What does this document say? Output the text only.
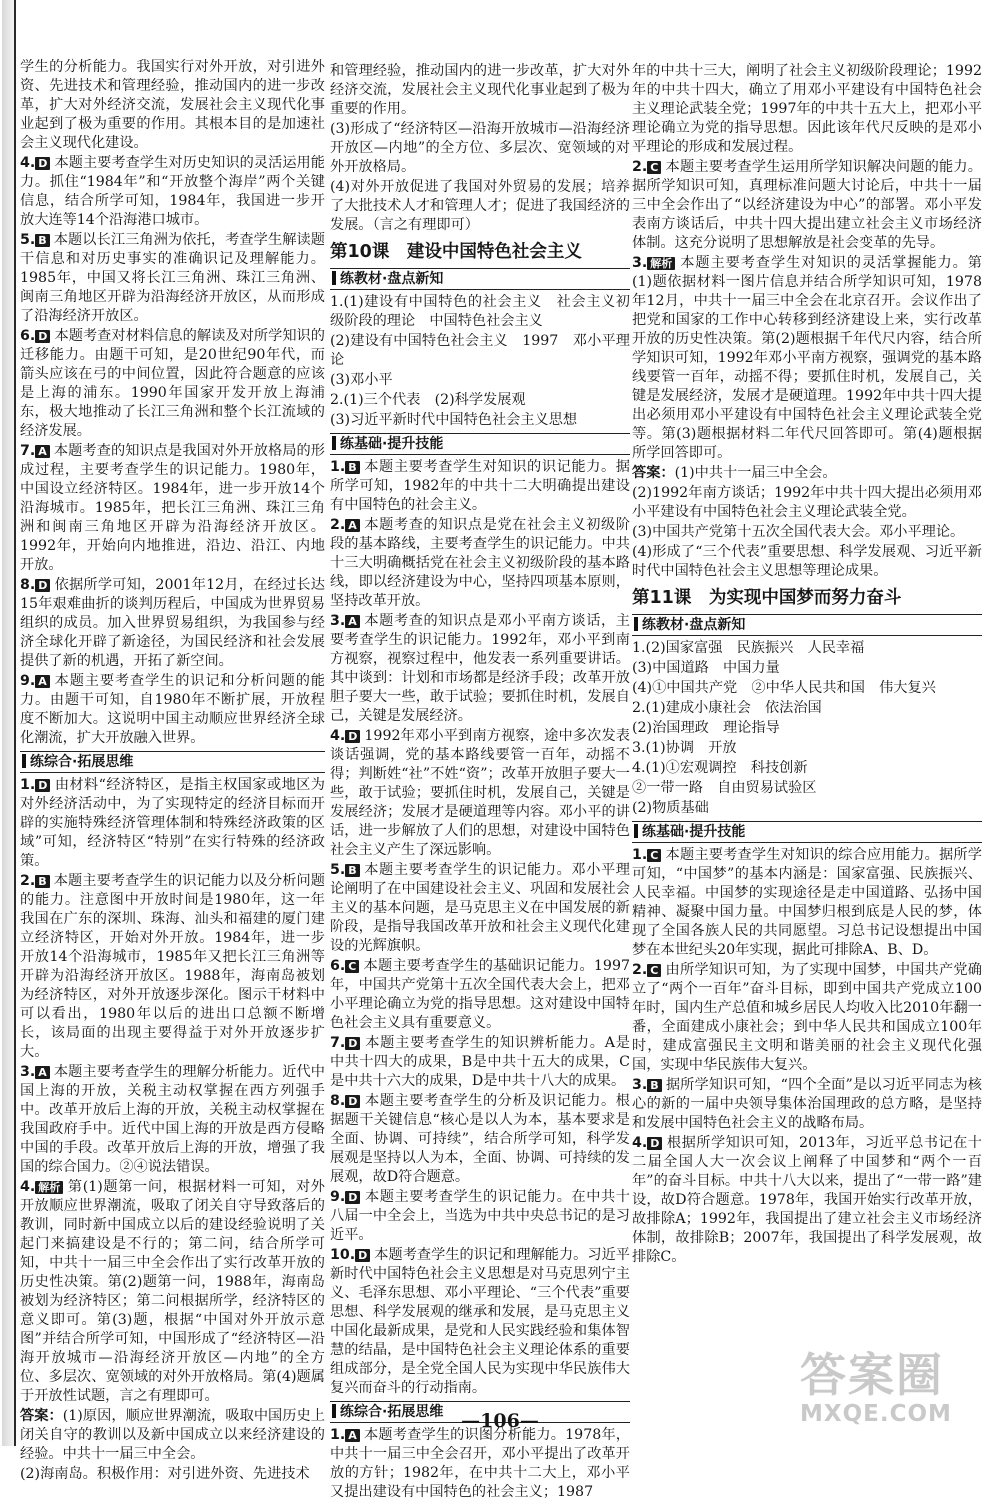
学生的分析能力。我国实行对外开放，对引进外资、先进技术和管理经验，推动国内的进一步改革，扩大对外经济交流，发展社会主义现代化事业起到了极为重要的作用。其根本目的是加速社会主义现代化建设。

4. D 本题主要考查学生对历史知识的灵活运用能力。抓住“1984年”和“开放整个海岸”两个关键信息，结合所学可知，1984年，我国进一步开放大连等14个沿海港口城市。

5. B 本题以长江三角洲为依托，考查学生解读题干信息和对历史事实的准确识记及理解能力。1985年，中国又将长江三角洲、珠江三角洲、闽南三角地区开辟为沿海经济开放区，从而形成了沿海经济开放区。

6. D 本题考查对材料信息的解读及对所学知识的迁移能力。由题干可知，是20世纪90年代，而箭头应该在弓的中间位置，因此符合题意的应该是上海的浦东。1990年国家开发开放上海浦东，极大地推动了长江三角洲和整个长江流域的经济发展。

7. A 本题考查的知识点是我国对外开放格局的形成过程，主要考查学生的识记能力。1980年，中国设立经济特区。1984年，进一步开放14个沿海城市。1985年，把长江三角洲、珠江三角洲和闽南三角地区开辟为沿海经济开放区。1992年，开始向内地推进，沿边、沿江、内地开放。

8. D 依据所学可知，2001年12月，在经过长达15年艰难曲折的谈判历程后，中国成为世界贸易组织的成员。加入世界贸易组织，为我国参与经济全球化开辟了新途径，为国民经济和社会发展提供了新的机遇，开拓了新空间。

9. A 本题主要考查学生的识记和分析问题的能力。由题干可知，自1980年不断扩展，开放程度不断加大。这说明中国主动顺应世界经济全球化潮流，扩大开放融入世界。

练综合·拓展思维

1. D 由材料“经济特区，是指主权国家或地区为对外经济活动中，为了实现特定的经济目标而开辟的实施特殊经济管理体制和特殊经济政策的区域”可知，经济特区“特别”在实行特殊的经济政策。

2. B 本题主要考查学生的识记能力以及分析问题的能力。注意图中开放时间是1980年，这一年我国在广东的深圳、珠海、汕头和福建的厦门建立经济特区，开始对外开放。1984年，进一步开放14个沿海城市，1985年又把长江三角洲等开辟为沿海经济开放区。1988年，海南岛被划为经济特区，对外开放逐步深化。图示干材料中可以看出，1980年以后的进出口总额不断增长，该局面的出现主要得益于对外开放逐步扩大。

3. A 本题主要考查学生的理解分析能力。近代中国上海的开放，关税主动权掌握在西方列强手中。改革开放后上海的开放，关税主动权掌握在我国政府手中。近代中国上海的开放是西方侵略中国的手段。改革开放后上海的开放，增强了我国的综合国力。②④说法错误。

4. 解析 第(1)题第一问，根据材料一可知，对外开放顺应世界潮流，吸取了闭关自守导致落后的教训，同时新中国成立以后的建设经验说明了关起门来搞建设是不行的；第二问，结合所学可知，中共十一届三中全会作出了实行改革开放的历史性决策。第(2)题第一问，1988年，海南岛被划为经济特区；第二问根据所学，经济特区的意义即可。第(3)题，根据“中国对外开放示意图”并结合所学可知，中国形成了“经济特区—沿海开放城市—沿海经济开放区—内地”的全方位、多层次、宽领域的对外开放格局。第(4)题属于开放性试题，言之有理即可。

答案：(1)原因，顺应世界潮流，吸取中国历史上闭关自守的教训以及新中国成立以来经济建设的经验。中共十一届三中全会。

(2)海南岛。积极作用：对引进外资、先进技术

和管理经验，推动国内的进一步改革，扩大对外经济交流，发展社会主义现代化事业起到了极为重要的作用。

(3)形成了“经济特区—沿海开放城市—沿海经济开放区—内地”的全方位、多层次、宽领域的对外开放格局。

(4)对外开放促进了我国对外贸易的发展；培养了大批技术人才和管理人才；促进了我国经济的发展。（言之有理即可）

第10课　建设中国特色社会主义
练教材·盘点新知

1.(1)建设有中国特色的社会主义　社会主义初级阶段的理论　中国特色社会主义

(2)建设有中国特色社会主义　1997　邓小平理论

(3)邓小平

2.(1)三个代表　(2)科学发展观

(3)习近平新时代中国特色社会主义思想

练基础·提升技能

1. B 本题主要考查学生对知识的识记能力。据所学可知，1982年的中共十二大明确提出建设有中国特色的社会主义。

2. A 本题考查的知识点是党在社会主义初级阶段的基本路线，主要考查学生的识记能力。中共十三大明确概括党在社会主义初级阶段的基本路线，即以经济建设为中心，坚持四项基本原则，坚持改革开放。

3. A 本题考查的知识点是邓小平南方谈话，主要考查学生的识记能力。1992年，邓小平到南方视察，视察过程中，他发表一系列重要讲话。其中谈到：计划和市场都是经济手段；改革开放胆子要大一些，敢于试验；要抓住时机，发展自己，关键是发展经济。

4. D 1992年邓小平到南方视察，途中多次发表谈话强调，党的基本路线要管一百年，动摇不得；判断姓“社”不姓“资”；改革开放胆子要大一些，敢于试验；要抓住时机，发展自己，关键是发展经济；发展才是硬道理等内容。邓小平的讲话，进一步解放了人们的思想，对建设中国特色社会主义产生了深远影响。

5. B 本题主要考查学生的识记能力。邓小平理论阐明了在中国建设社会主义、巩固和发展社会主义的基本问题，是马克思主义在中国发展的新阶段，是指导我国改革开放和社会主义现代化建设的光辉旗帜。

6. C 本题主要考查学生的基础识记能力。1997年，中国共产党第十五次全国代表大会上，把邓小平理论确立为党的指导思想。这对建设中国特色社会主义具有重要意义。

7. D 本题主要考查学生的知识辨析能力。A是中共十四大的成果，B是中共十五大的成果，C是中共十六大的成果，D是中共十八大的成果。

8. D 本题主要考查学生的分析及识记能力。根据题干关键信息“核心是以人为本，基本要求是全面、协调、可持续”，结合所学可知，科学发展观是坚持以人为本，全面、协调、可持续的发展观，故D符合题意。

9. D 本题主要考查学生的识记能力。在中共十八届一中全会上，当选为中共中央总书记的是习近平。

10. D 本题考查学生的识记和理解能力。习近平新时代中国特色社会主义思想是对马克思列宁主义、毛泽东思想、邓小平理论、“三个代表”重要思想、科学发展观的继承和发展，是马克思主义中国化最新成果，是党和人民实践经验和集体智慧的结晶，是中国特色社会主义理论体系的重要组成部分，是全党全国人民为实现中华民族伟大复兴而奋斗的行动指南。

练综合·拓展思维

1. A 本题考查学生的识图分析能力。1978年，中共十一届三中全会召开，邓小平提出了改革开放的方针；1982年，在中共十二大上，邓小平又提出建设有中国特色的社会主义；1987

年的中共十三大，阐明了社会主义初级阶段理论；1992年的中共十四大，确立了用邓小平建设有中国特色社会主义理论武装全党；1997年的中共十五大上，把邓小平理论确立为党的指导思想。因此该年代尺反映的是邓小平理论的形成和发展过程。

2. C 本题主要考查学生运用所学知识解决问题的能力。据所学知识可知，真理标准问题大讨论后，中共十一届三中全会作出了“以经济建设为中心”的部署。邓小平发表南方谈话后，中共十四大提出建立社会主义市场经济体制。这充分说明了思想解放是社会变革的先导。

3. 解析 本题主要考查学生对知识的灵活掌握能力。第(1)题依据材料一图片信息并结合所学知识可知，1978年12月，中共十一届三中全会在北京召开。会议作出了把党和国家的工作中心转移到经济建设上来，实行改革开放的历史性决策。第(2)题根据千年代尺内容，结合所学知识可知，1992年邓小平南方视察，强调党的基本路线要管一百年，动摇不得；要抓住时机，发展自己，关键是发展经济，发展才是硬道理。1992年中共十四大提出必须用邓小平建设有中国特色社会主义理论武装全党等。第(3)题根据材料二年代尺回答即可。第(4)题根据所学回答即可。

答案：(1)中共十一届三中全会。

(2)1992年南方谈话；1992年中共十四大提出必须用邓小平建设有中国特色社会主义理论武装全党。

(3)中国共产党第十五次全国代表大会。邓小平理论。

(4)形成了“三个代表”重要思想、科学发展观、习近平新时代中国特色社会主义思想等理论成果。

第11课　为实现中国梦而努力奋斗
练教材·盘点新知

1.(2)国家富强　民族振兴　人民幸福

(3)中国道路　中国力量

(4)①中国共产党　②中华人民共和国　伟大复兴

2.(1)建成小康社会　依法治国

(2)治国理政　理论指导

3.(1)协调　开放

4.(1)①宏观调控　科技创新

②一带一路　自由贸易试验区

(2)物质基础

练基础·提升技能

1. C 本题主要考查学生对知识的综合应用能力。据所学可知，“中国梦”的基本内涵是：国家富强、民族振兴、人民幸福。中国梦的实现途径是走中国道路、弘扬中国精神、凝聚中国力量。中国梦归根到底是人民的梦，体现了全国各族人民的共同愿望。习总书记设想提出中国梦在本世纪头20年实现，据此可排除A、B、D。

2. C 由所学知识可知，为了实现中国梦，中国共产党确立了“两个一百年”奋斗目标，即到中国共产党成立100年时，国内生产总值和城乡居民人均收入比2010年翻一番，全面建成小康社会；到中华人民共和国成立100年时，建成富强民主文明和谐美丽的社会主义现代化强国，实现中华民族伟大复兴。

3. B 据所学知识可知，“四个全面”是以习近平同志为核心的新的一届中央领导集体治国理政的总方略，是坚持和发展中国特色社会主义的战略布局。

4. D 根据所学知识可知，2013年，习近平总书记在十二届全国人大一次会议上阐释了中国梦和“两个一百年”的奋斗目标。中共十八大以来，提出了“一带一路”建设，故D符合题意。1978年，我国开始实行改革开放，故排除A；1992年，我国提出了建立社会主义市场经济体制，故排除B；2007年，我国提出了科学发展观，故排除C。

—106—
答案圈
MXQE.COM
